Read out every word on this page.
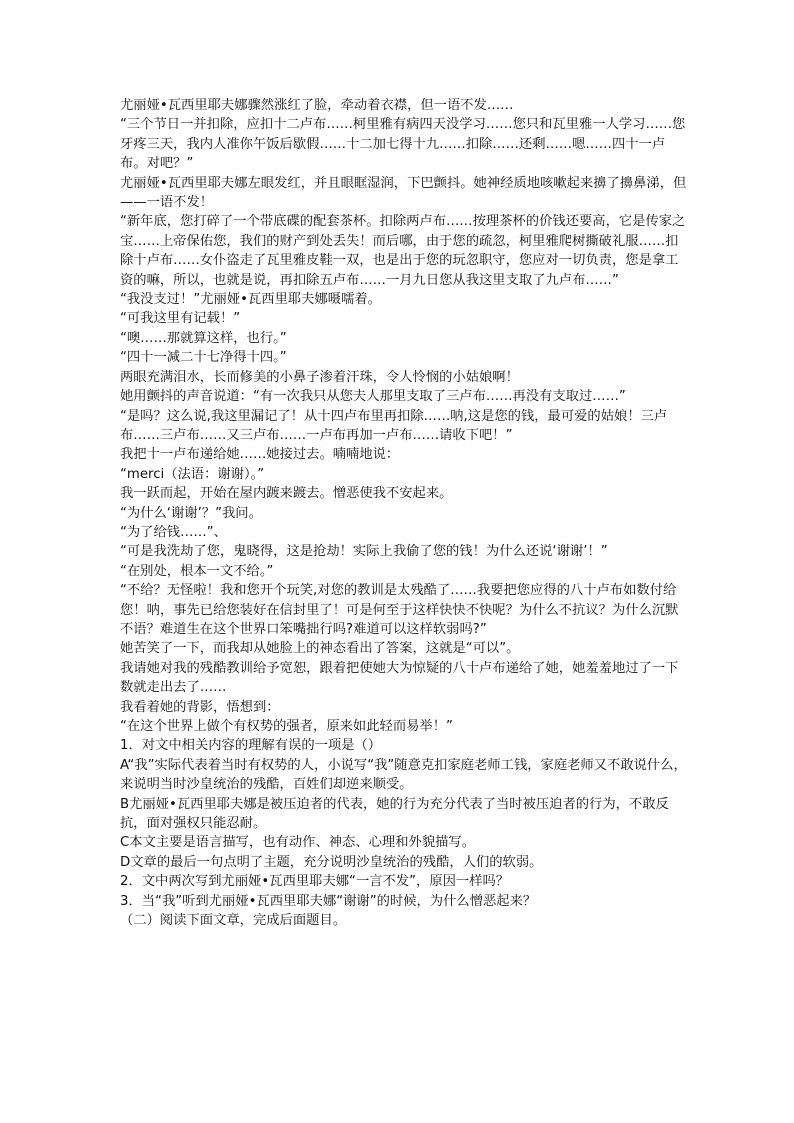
尤丽娅•瓦西里耶夫娜骤然涨红了脸，牵动着衣襟，但一语不发……

“三个节日一并扣除，应扣十二卢布……柯里雅有病四天没学习……您只和瓦里雅一人学习……您牙疼三天，我内人准你午饭后歇假……十二加七得十九……扣除……还剩……嗯……四十一卢布。对吧？”

尤丽娅•瓦西里耶夫娜左眼发红，并且眼眶湿润，下巴颤抖。她神经质地咳嗽起来擤了擤鼻涕，但——一语不发！

“新年底，您打碎了一个带底碟的配套茶杯。扣除两卢布……按理茶杯的价钱还要高，它是传家之宝……上帝保佑您，我们的财产到处丢失！而后哪，由于您的疏忽，柯里雅爬树撕破礼服……扣除十卢布……女仆盗走了瓦里雅皮鞋一双，也是出于您的玩忽职守，您应对一切负责，您是拿工资的嘛，所以，也就是说，再扣除五卢布……一月九日您从我这里支取了九卢布……”

“我没支过！”尤丽娅•瓦西里耶夫娜嗫嚅着。

“可我这里有记载！”

“噢……那就算这样，也行。”

“四十一减二十七净得十四。”

两眼充满泪水，长而修美的小鼻子渗着汗珠，令人怜悯的小姑娘啊！

她用颤抖的声音说道：“有一次我只从您夫人那里支取了三卢布……再没有支取过……”

“是吗？这么说,我这里漏记了！从十四卢布里再扣除……呐,这是您的钱，最可爱的姑娘！三卢布……三卢布……又三卢布……一卢布再加一卢布……请收下吧！”

我把十一卢布递给她……她接过去。喃喃地说：

“merci（法语：谢谢）。”

我一跃而起，开始在屋内踱来踱去。憎恶使我不安起来。

“为什么‘谢谢’？”我问。

“为了给钱……”、

“可是我洗劫了您，鬼晓得，这是抢劫！实际上我偷了您的钱！为什么还说‘谢谢’！”

“在别处，根本一文不给。”

“不给？无怪啦！我和您开个玩笑,对您的教训是太残酷了……我要把您应得的八十卢布如数付给您！呐，事先已给您装好在信封里了！可是何至于这样快快不快呢？为什么不抗议？为什么沉默不语？难道生在这个世界口笨嘴拙行吗?难道可以这样软弱吗?”

她苦笑了一下，而我却从她脸上的神态看出了答案，这就是“可以”。

我请她对我的残酷教训给予宽恕，跟着把使她大为惊疑的八十卢布递给了她，她羞羞地过了一下数就走出去了……

我看着她的背影，悟想到：

“在这个世界上做个有权势的强者，原来如此轻而易举！”

1．对文中相关内容的理解有误的一项是（）

A“我”实际代表着当时有权势的人，小说写“我”随意克扣家庭老师工钱，家庭老师又不敢说什么，来说明当时沙皇统治的残酷，百姓们却逆来顺受。

B尤丽娅•瓦西里耶夫娜是被压迫者的代表，她的行为充分代表了当时被压迫者的行为，不敢反抗，面对强权只能忍耐。

C本文主要是语言描写，也有动作、神态、心理和外貌描写。

D文章的最后一句点明了主题，充分说明沙皇统治的残酷，人们的软弱。

2．文中两次写到尤丽娅•瓦西里耶夫娜“一言不发”，原因一样吗？

3．当“我”听到尤丽娅•瓦西里耶夫娜“谢谢”的时候，为什么憎恶起来？

（二）阅读下面文章，完成后面题目。
